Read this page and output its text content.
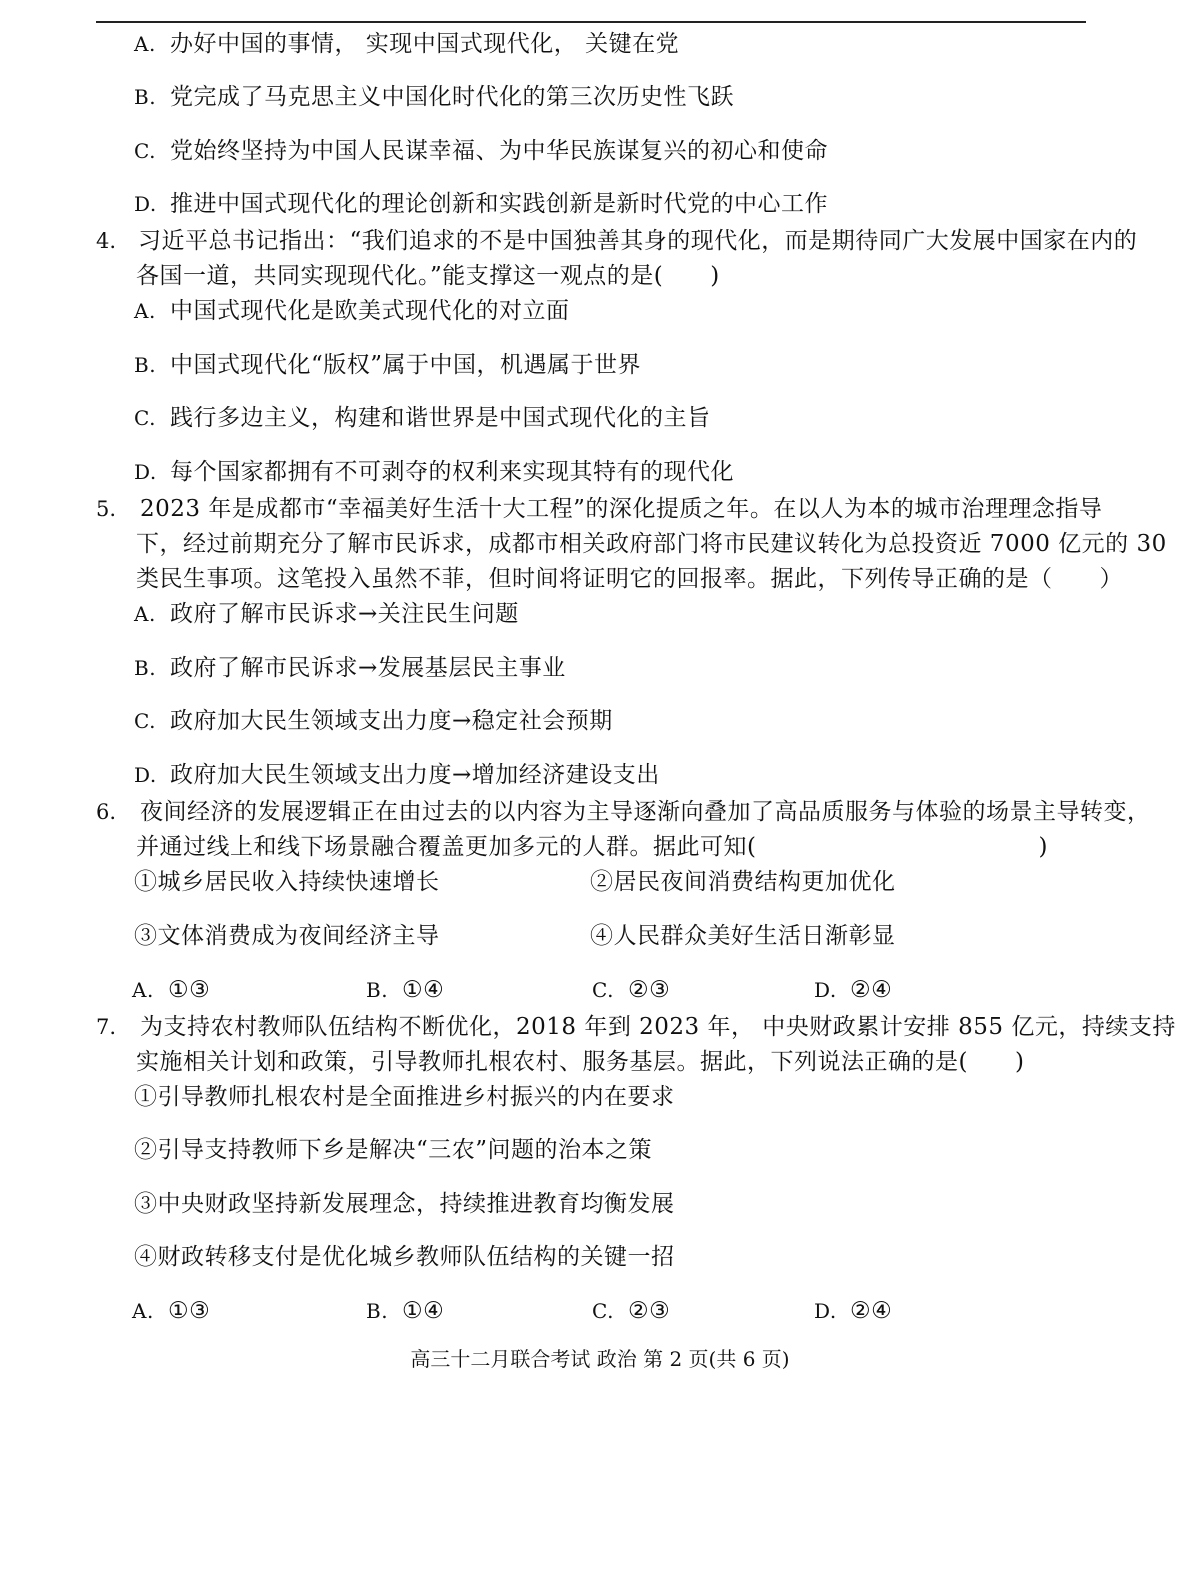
A. 办好中国的事情， 实现中国式现代化， 关键在党
B. 党完成了马克思主义中国化时代化的第三次历史性飞跃
C. 党始终坚持为中国人民谋幸福、为中华民族谋复兴的初心和使命
D. 推进中国式现代化的理论创新和实践创新是新时代党的中心工作
4. 习近平总书记指出：“我们追求的不是中国独善其身的现代化，而是期待同广大发展中国家在内的
各国一道，共同实现现代化。”能支撑这一观点的是(　　)
A. 中国式现代化是欧美式现代化的对立面
B. 中国式现代化“版权”属于中国，机遇属于世界
C. 践行多边主义，构建和谐世界是中国式现代化的主旨
D. 每个国家都拥有不可剥夺的权利来实现其特有的现代化
5. 2023 年是成都市“幸福美好生活十大工程”的深化提质之年。在以人为本的城市治理理念指导
下，经过前期充分了解市民诉求，成都市相关政府部门将市民建议转化为总投资近 7000 亿元的 30
类民生事项。这笔投入虽然不菲，但时间将证明它的回报率。据此，下列传导正确的是（　　）
A. 政府了解市民诉求→关注民生问题
B. 政府了解市民诉求→发展基层民主事业
C. 政府加大民生领域支出力度→稳定社会预期
D. 政府加大民生领域支出力度→增加经济建设支出
6. 夜间经济的发展逻辑正在由过去的以内容为主导逐渐向叠加了高品质服务与体验的场景主导转变，
并通过线上和线下场景融合覆盖更加多元的人群。据此可知(　　　　　　　　　　　　)
①城乡居民收入持续快速增长	②居民夜间消费结构更加优化
③文体消费成为夜间经济主导	④人民群众美好生活日渐彰显
A. ①③	B. ①④	C. ②③	D. ②④
7. 为支持农村教师队伍结构不断优化，2018 年到 2023 年， 中央财政累计安排 855 亿元，持续支持
实施相关计划和政策，引导教师扎根农村、服务基层。据此，下列说法正确的是(　　)
①引导教师扎根农村是全面推进乡村振兴的内在要求
②引导支持教师下乡是解决“三农”问题的治本之策
③中央财政坚持新发展理念，持续推进教育均衡发展
④财政转移支付是优化城乡教师队伍结构的关键一招
A. ①③	B. ①④	C. ②③	D. ②④
高三十二月联合考试 政治 第 2 页(共 6 页)
